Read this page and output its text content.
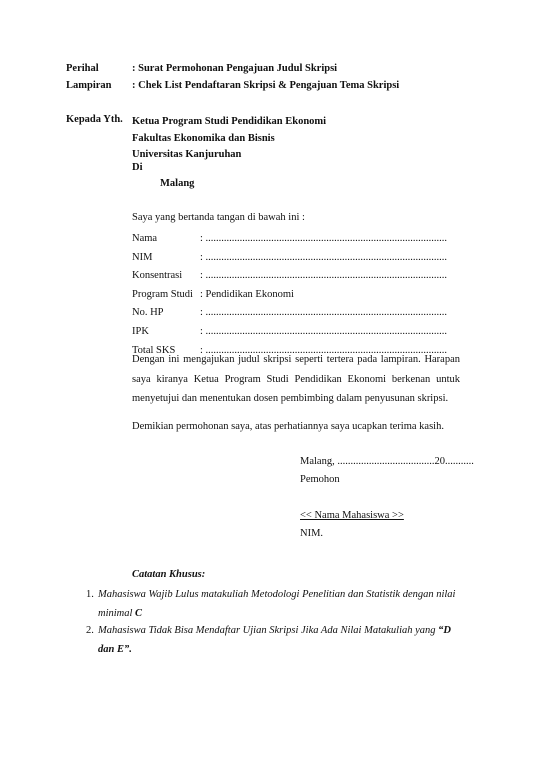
Perihal	: Surat Permohonan Pengajuan Judul Skripsi
Lampiran : Chek List Pendaftaran Skripsi & Pengajuan Tema Skripsi
Kepada Yth. Ketua Program Studi Pendidikan Ekonomi
Fakultas Ekonomika dan Bisnis
Universitas Kanjuruhan
Di
Malang
Saya yang bertanda tangan di bawah ini :
Nama	: ............................................................................................
NIM	: ............................................................................................
Konsentrasi : ............................................................................................
Program Studi : Pendidikan Ekonomi
No. HP	: ............................................................................................
IPK	: ............................................................................................
Total SKS : ............................................................................................
Dengan ini mengajukan judul skripsi seperti tertera pada lampiran. Harapan saya kiranya Ketua Program Studi Pendidikan Ekonomi berkenan untuk menyetujui dan menentukan dosen pembimbing dalam penyusunan skripsi.
Demikian permohonan saya, atas perhatiannya saya ucapkan terima kasih.
Malang, .....................................20...........
Pemohon
<< Nama Mahasiswa >>
NIM.
Catatan Khusus:
1. Mahasiswa Wajib Lulus matakuliah Metodologi Penelitian dan Statistik dengan nilai minimal C
2. Mahasiswa Tidak Bisa Mendaftar Ujian Skripsi Jika Ada Nilai Matakuliah yang “D dan E”.
